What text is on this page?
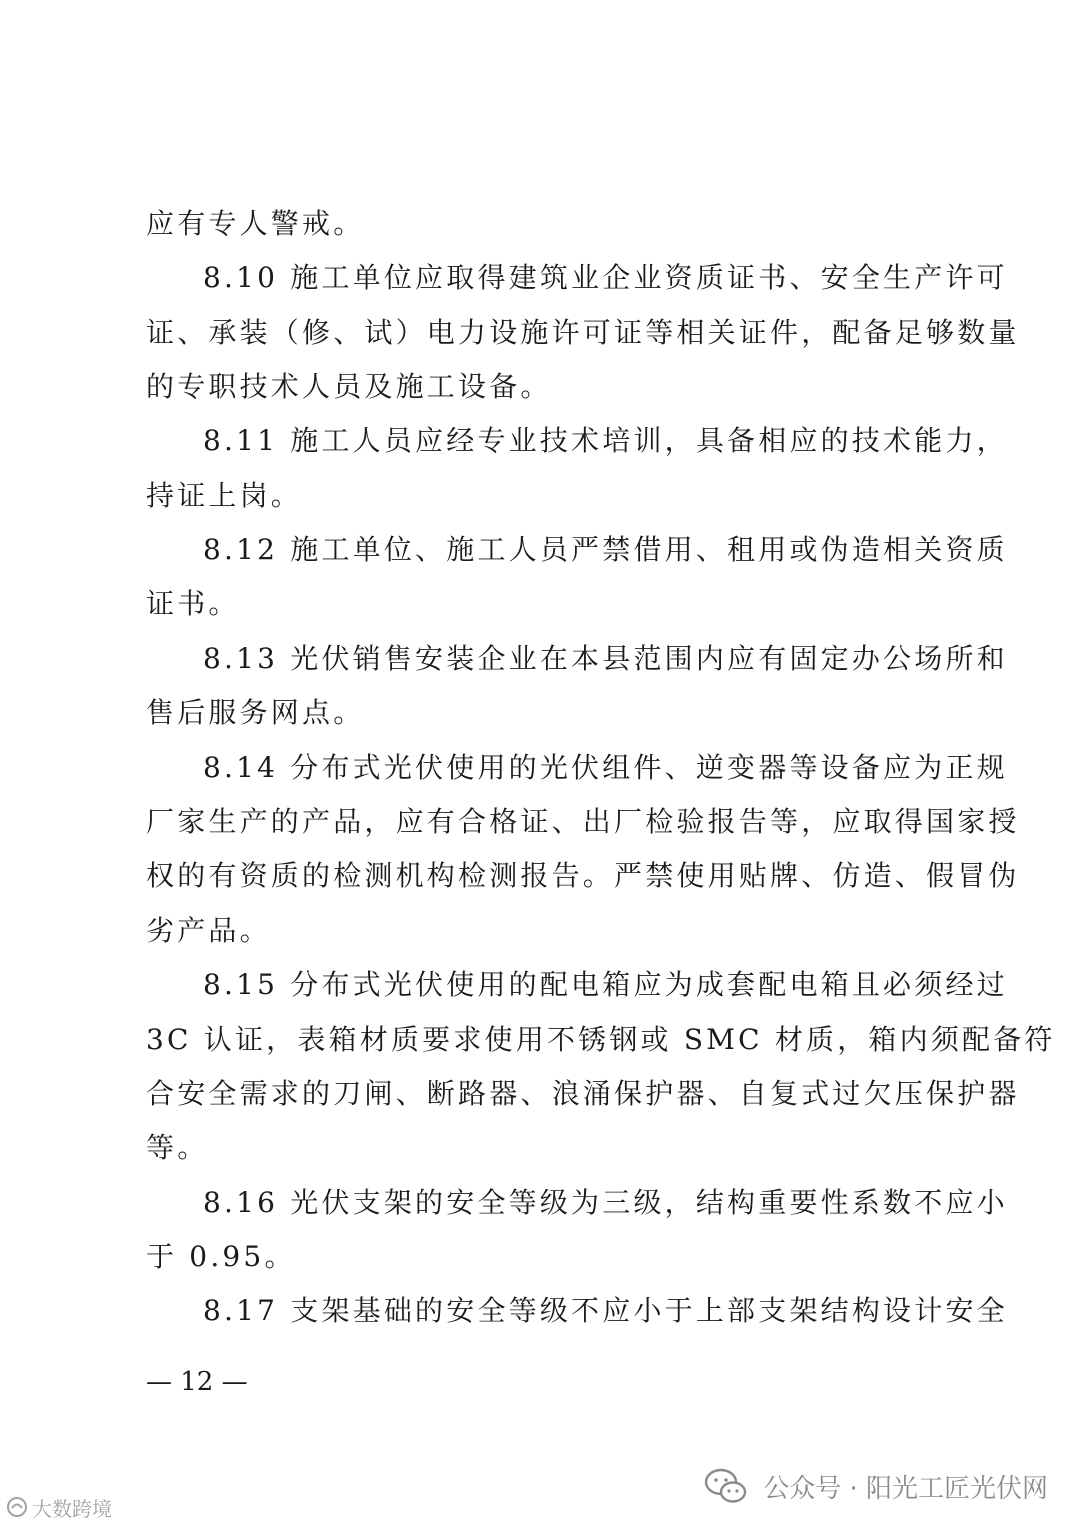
应有专人警戒。
8.10 施工单位应取得建筑业企业资质证书、安全生产许可
证、承装（修、试）电力设施许可证等相关证件，配备足够数量
的专职技术人员及施工设备。
8.11 施工人员应经专业技术培训，具备相应的技术能力，
持证上岗。
8.12 施工单位、施工人员严禁借用、租用或伪造相关资质
证书。
8.13 光伏销售安装企业在本县范围内应有固定办公场所和
售后服务网点。
8.14 分布式光伏使用的光伏组件、逆变器等设备应为正规
厂家生产的产品，应有合格证、出厂检验报告等，应取得国家授
权的有资质的检测机构检测报告。严禁使用贴牌、仿造、假冒伪
劣产品。
8.15 分布式光伏使用的配电箱应为成套配电箱且必须经过
3C 认证，表箱材质要求使用不锈钢或 SMC 材质，箱内须配备符
合安全需求的刀闸、断路器、浪涌保护器、自复式过欠压保护器
等。
8.16 光伏支架的安全等级为三级，结构重要性系数不应小
于 0.95。
8.17 支架基础的安全等级不应小于上部支架结构设计安全
— 12 —
大数跨境
公众号 · 阳光工匠光伏网
